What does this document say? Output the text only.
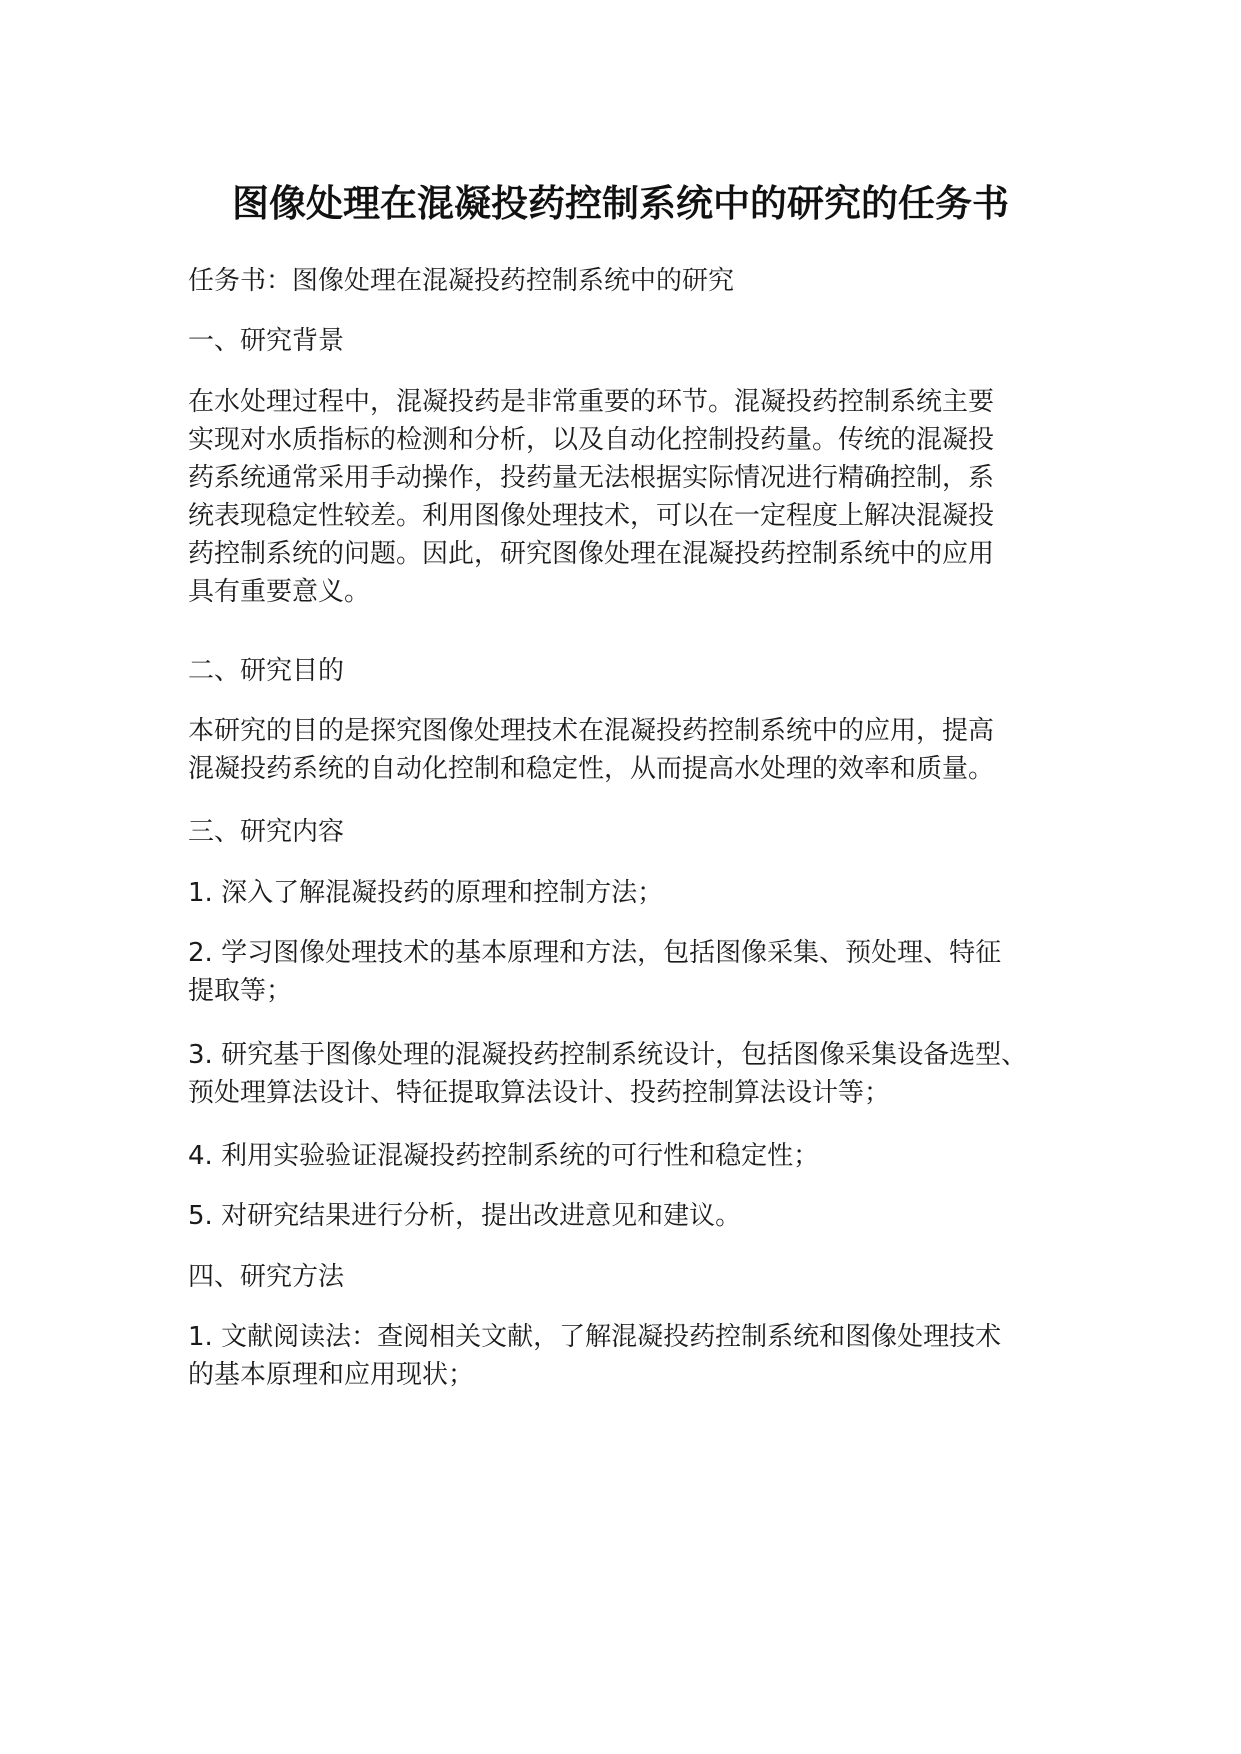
图像处理在混凝投药控制系统中的研究的任务书

任务书：图像处理在混凝投药控制系统中的研究

一、研究背景

在水处理过程中，混凝投药是非常重要的环节。混凝投药控制系统主要
实现对水质指标的检测和分析，以及自动化控制投药量。传统的混凝投
药系统通常采用手动操作，投药量无法根据实际情况进行精确控制，系
统表现稳定性较差。利用图像处理技术，可以在一定程度上解决混凝投
药控制系统的问题。因此，研究图像处理在混凝投药控制系统中的应用
具有重要意义。

二、研究目的

本研究的目的是探究图像处理技术在混凝投药控制系统中的应用，提高
混凝投药系统的自动化控制和稳定性，从而提高水处理的效率和质量。

三、研究内容

1. 深入了解混凝投药的原理和控制方法；
2. 学习图像处理技术的基本原理和方法，包括图像采集、预处理、特征
提取等；
3. 研究基于图像处理的混凝投药控制系统设计，包括图像采集设备选型、
预处理算法设计、特征提取算法设计、投药控制算法设计等；
4. 利用实验验证混凝投药控制系统的可行性和稳定性；
5. 对研究结果进行分析，提出改进意见和建议。

四、研究方法

1. 文献阅读法：查阅相关文献，了解混凝投药控制系统和图像处理技术
的基本原理和应用现状；
